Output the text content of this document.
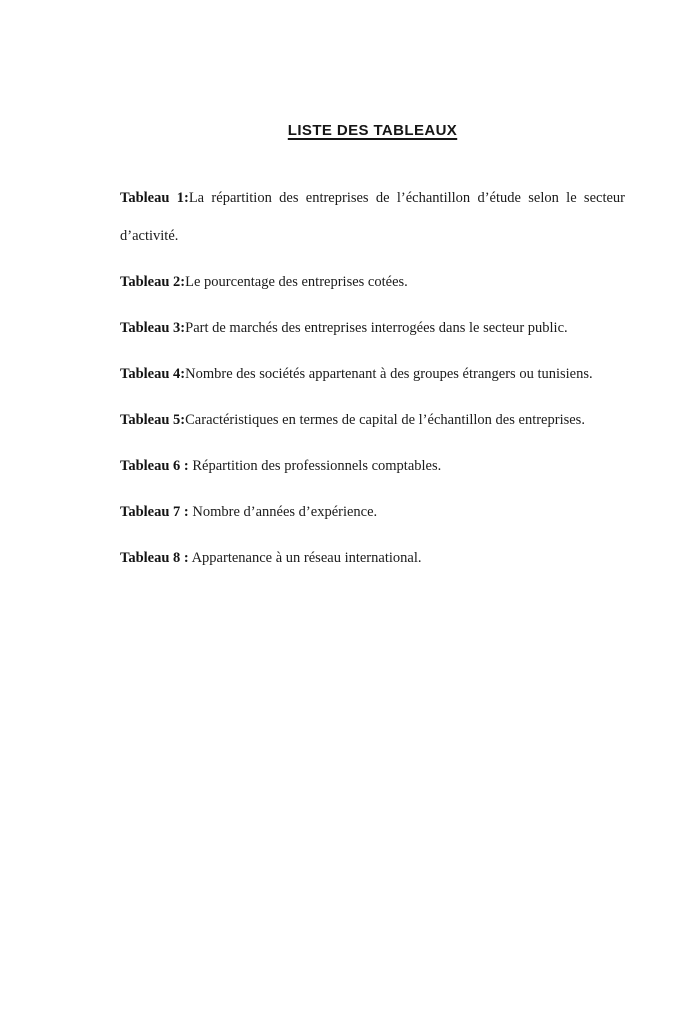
LISTE DES TABLEAUX

Tableau 1:La répartition des entreprises de l’échantillon d’étude selon le secteur d’activité.

Tableau 2:Le pourcentage des entreprises cotées.

Tableau 3:Part de marchés des entreprises interrogées dans le secteur public.

Tableau 4:Nombre des sociétés appartenant à des groupes étrangers ou tunisiens.

Tableau 5:Caractéristiques en termes de capital de l’échantillon des entreprises.

Tableau 6 : Répartition des professionnels comptables.

Tableau 7 : Nombre d’années d’expérience.

Tableau 8 : Appartenance à un réseau international.
